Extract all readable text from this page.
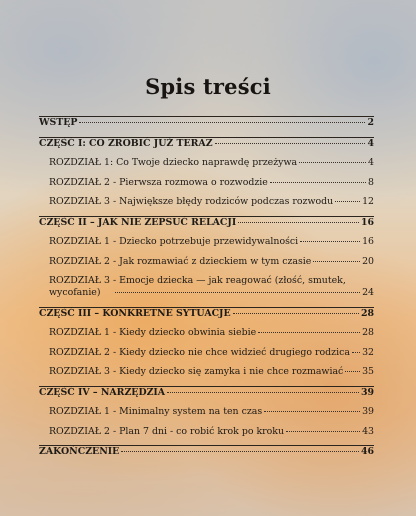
Spis treści
WSTĘP	2
CZĘŚĆ I: CO ZROBIĆ JUŻ TERAZ	4
ROZDZIAŁ 1: Co Twoje dziecko naprawdę przeżywa	4
ROZDZIAŁ 2 - Pierwsza rozmowa o rozwodzie	8
ROZDZIAŁ 3 - Największe błędy rodziców podczas rozwodu	12
CZĘŚĆ II – JAK NIE ZEPSUĆ RELACJI	16
ROZDZIAŁ 1 - Dziecko potrzebuje przewidywalności	16
ROZDZIAŁ 2 - Jak rozmawiać z dzieckiem w tym czasie	20
ROZDZIAŁ 3 - Emocje dziecka — jak reagować (złość, smutek,
wycofanie)	24
CZĘŚĆ III – KONKRETNE SYTUACJE	28
ROZDZIAŁ 1 - Kiedy dziecko obwinia siebie	28
ROZDZIAŁ 2 - Kiedy dziecko nie chce widzieć drugiego rodzica 32
ROZDZIAŁ 3 - Kiedy dziecko się zamyka i nie chce rozmawiać 35
CZĘŚĆ IV – NARZĘDZIA	39
ROZDZIAŁ 1 - Minimalny system na ten czas	39
ROZDZIAŁ 2 - Plan 7 dni - co robić krok po kroku	43
ZAKOŃCZENIE	46
